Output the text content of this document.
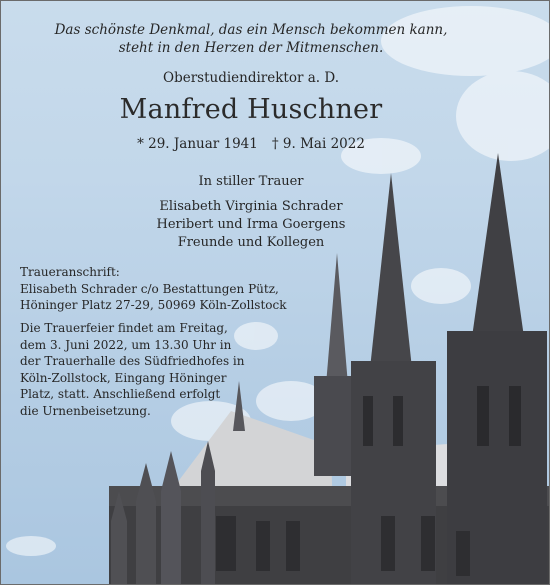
Das schönste Denkmal, das ein Mensch bekommen kann,

steht in den Herzen der Mitmenschen.

Oberstudiendirektor a. D.

Manfred Huschner

* 29. Januar 1941 † 9. Mai 2022

In stiller Trauer

Elisabeth Virginia Schrader
Heribert und Irma Goergens
Freunde und Kollegen
Traueranschrift:
Elisabeth Schrader c/o Bestattungen Pütz,
Höninger Platz 27-29, 50969 Köln-Zollstock
Die Trauerfeier findet am Freitag,
dem 3. Juni 2022, um 13.30 Uhr in
der Trauerhalle des Südfriedhofes in
Köln-Zollstock, Eingang Höninger
Platz, statt. Anschließend erfolgt
die Urnenbeisetzung.
